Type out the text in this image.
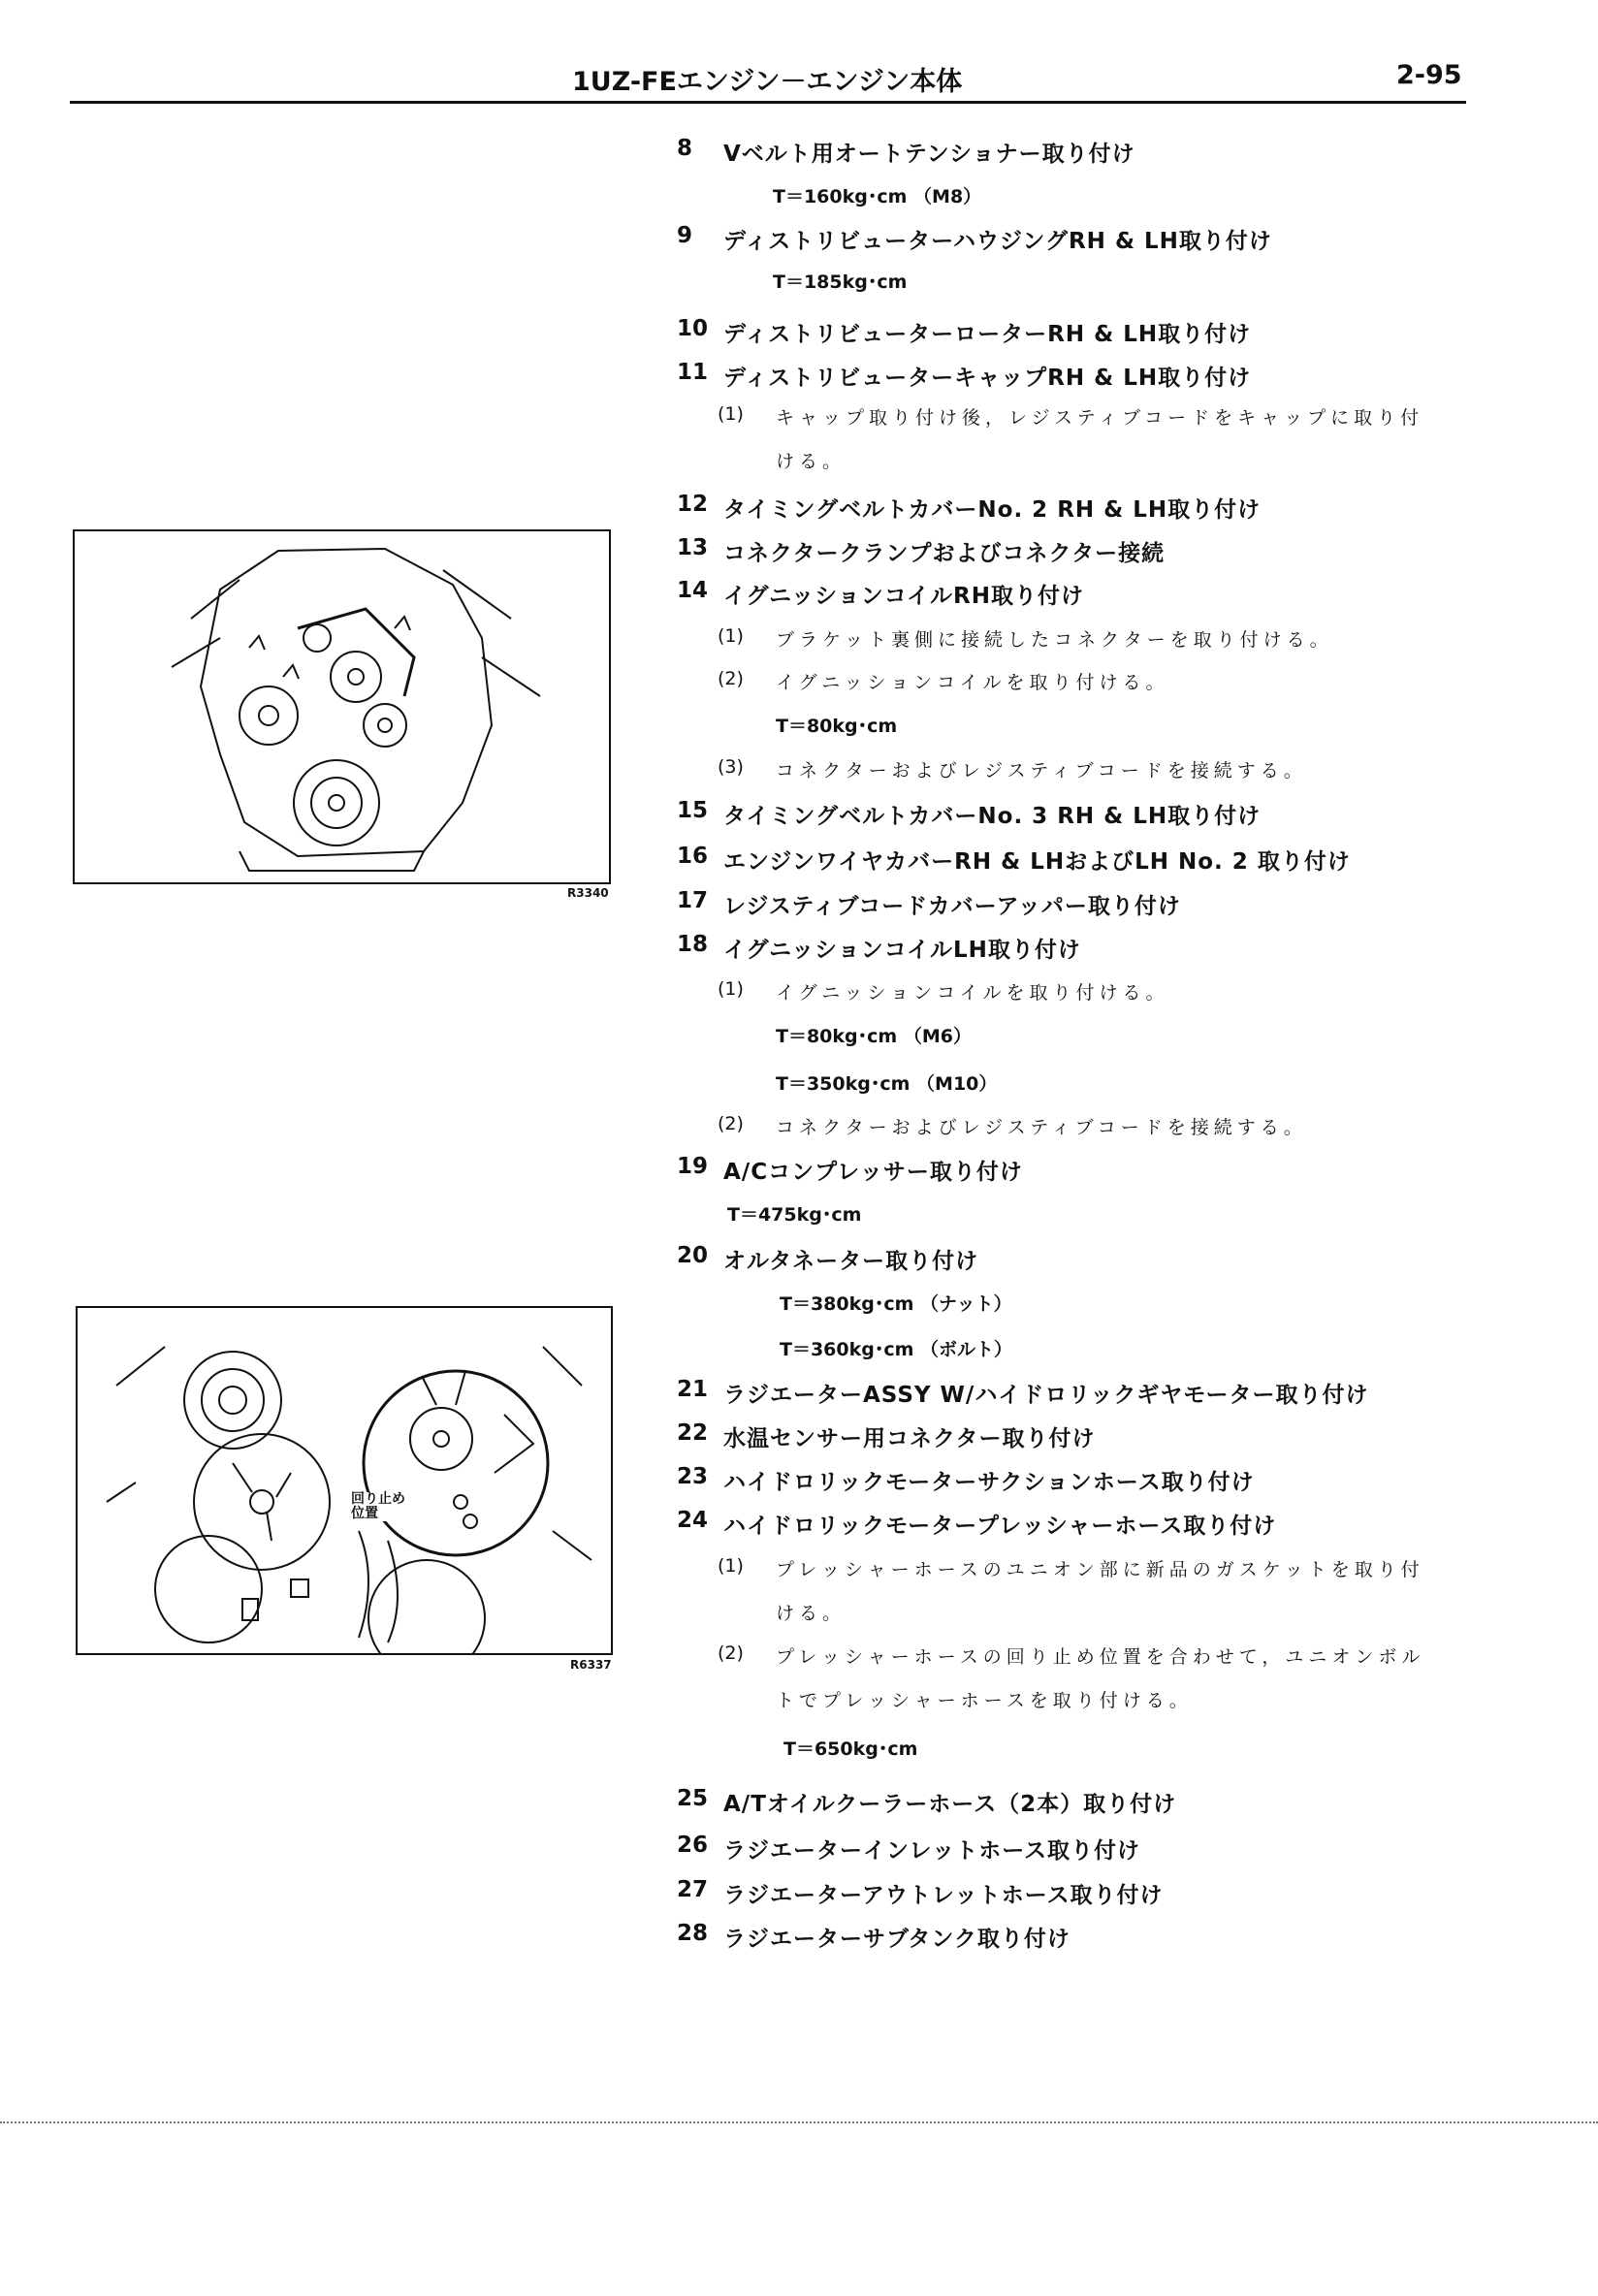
1UZ-FEエンジン－エンジン本体	2-95
R3340
回り止め
位置
R6337
8	Vベルト用オートテンショナー取り付け
T＝160kg･cm （M8）
9	ディストリビューターハウジングRH & LH取り付け
T＝185kg･cm
10 ディストリビューターローターRH & LH取り付け
11 ディストリビューターキャップRH & LH取り付け
(1) キャップ取り付け後，レジスティブコードをキャップに取り付
ける。
12 タイミングベルトカバーNo. 2 RH & LH取り付け
13 コネクタークランプおよびコネクター接続
14 イグニッションコイルRH取り付け
(1) ブラケット裏側に接続したコネクターを取り付ける。
(2) イグニッションコイルを取り付ける。
T＝80kg･cm
(3) コネクターおよびレジスティブコードを接続する。
15 タイミングベルトカバーNo. 3 RH & LH取り付け
16 エンジンワイヤカバーRH & LHおよびLH No. 2 取り付け
17 レジスティブコードカバーアッパー取り付け
18 イグニッションコイルLH取り付け
(1) イグニッションコイルを取り付ける。
T＝80kg･cm （M6）
T＝350kg･cm （M10）
(2) コネクターおよびレジスティブコードを接続する。
19 A/Cコンプレッサー取り付け
T＝475kg･cm
20 オルタネーター取り付け
T＝380kg･cm （ナット）
T＝360kg･cm （ボルト）
21 ラジエーターASSY W/ハイドロリックギヤモーター取り付け
22 水温センサー用コネクター取り付け
23 ハイドロリックモーターサクションホース取り付け
24 ハイドロリックモータープレッシャーホース取り付け
(1) プレッシャーホースのユニオン部に新品のガスケットを取り付
ける。
(2) プレッシャーホースの回り止め位置を合わせて，ユニオンボル
トでプレッシャーホースを取り付ける。
T＝650kg･cm
25 A/Tオイルクーラーホース（2本）取り付け
26 ラジエーターインレットホース取り付け
27 ラジエーターアウトレットホース取り付け
28 ラジエーターサブタンク取り付け
